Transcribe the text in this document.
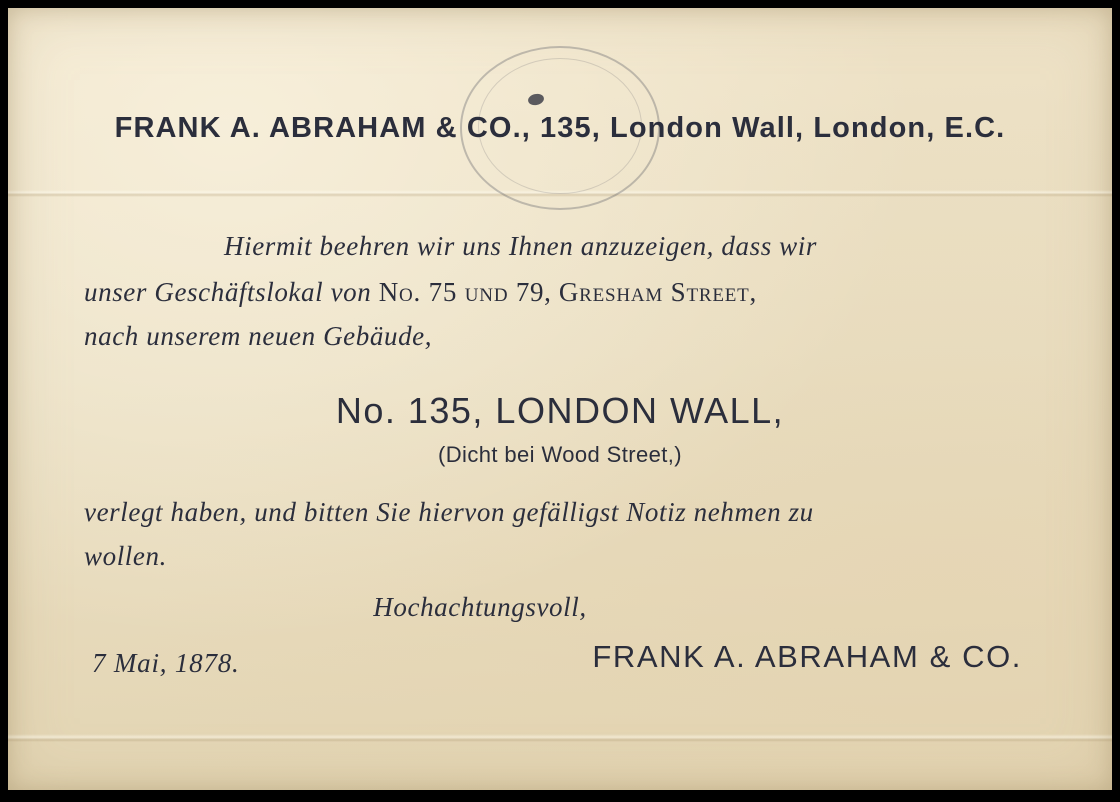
FRANK A. ABRAHAM & CO., 135, London Wall, London, E.C.
Hiermit beehren wir uns Ihnen anzuzeigen, dass wir
unser Geschäftslokal von No. 75 und 79, Gresham Street,
nach unserem neuen Gebäude,
No. 135, LONDON WALL,
(Dicht bei Wood Street,)
verlegt haben, und bitten Sie hiervon gefälligst Notiz nehmen zu
wollen.
Hochachtungsvoll,
FRANK A. ABRAHAM & CO.
7 Mai, 1878.
